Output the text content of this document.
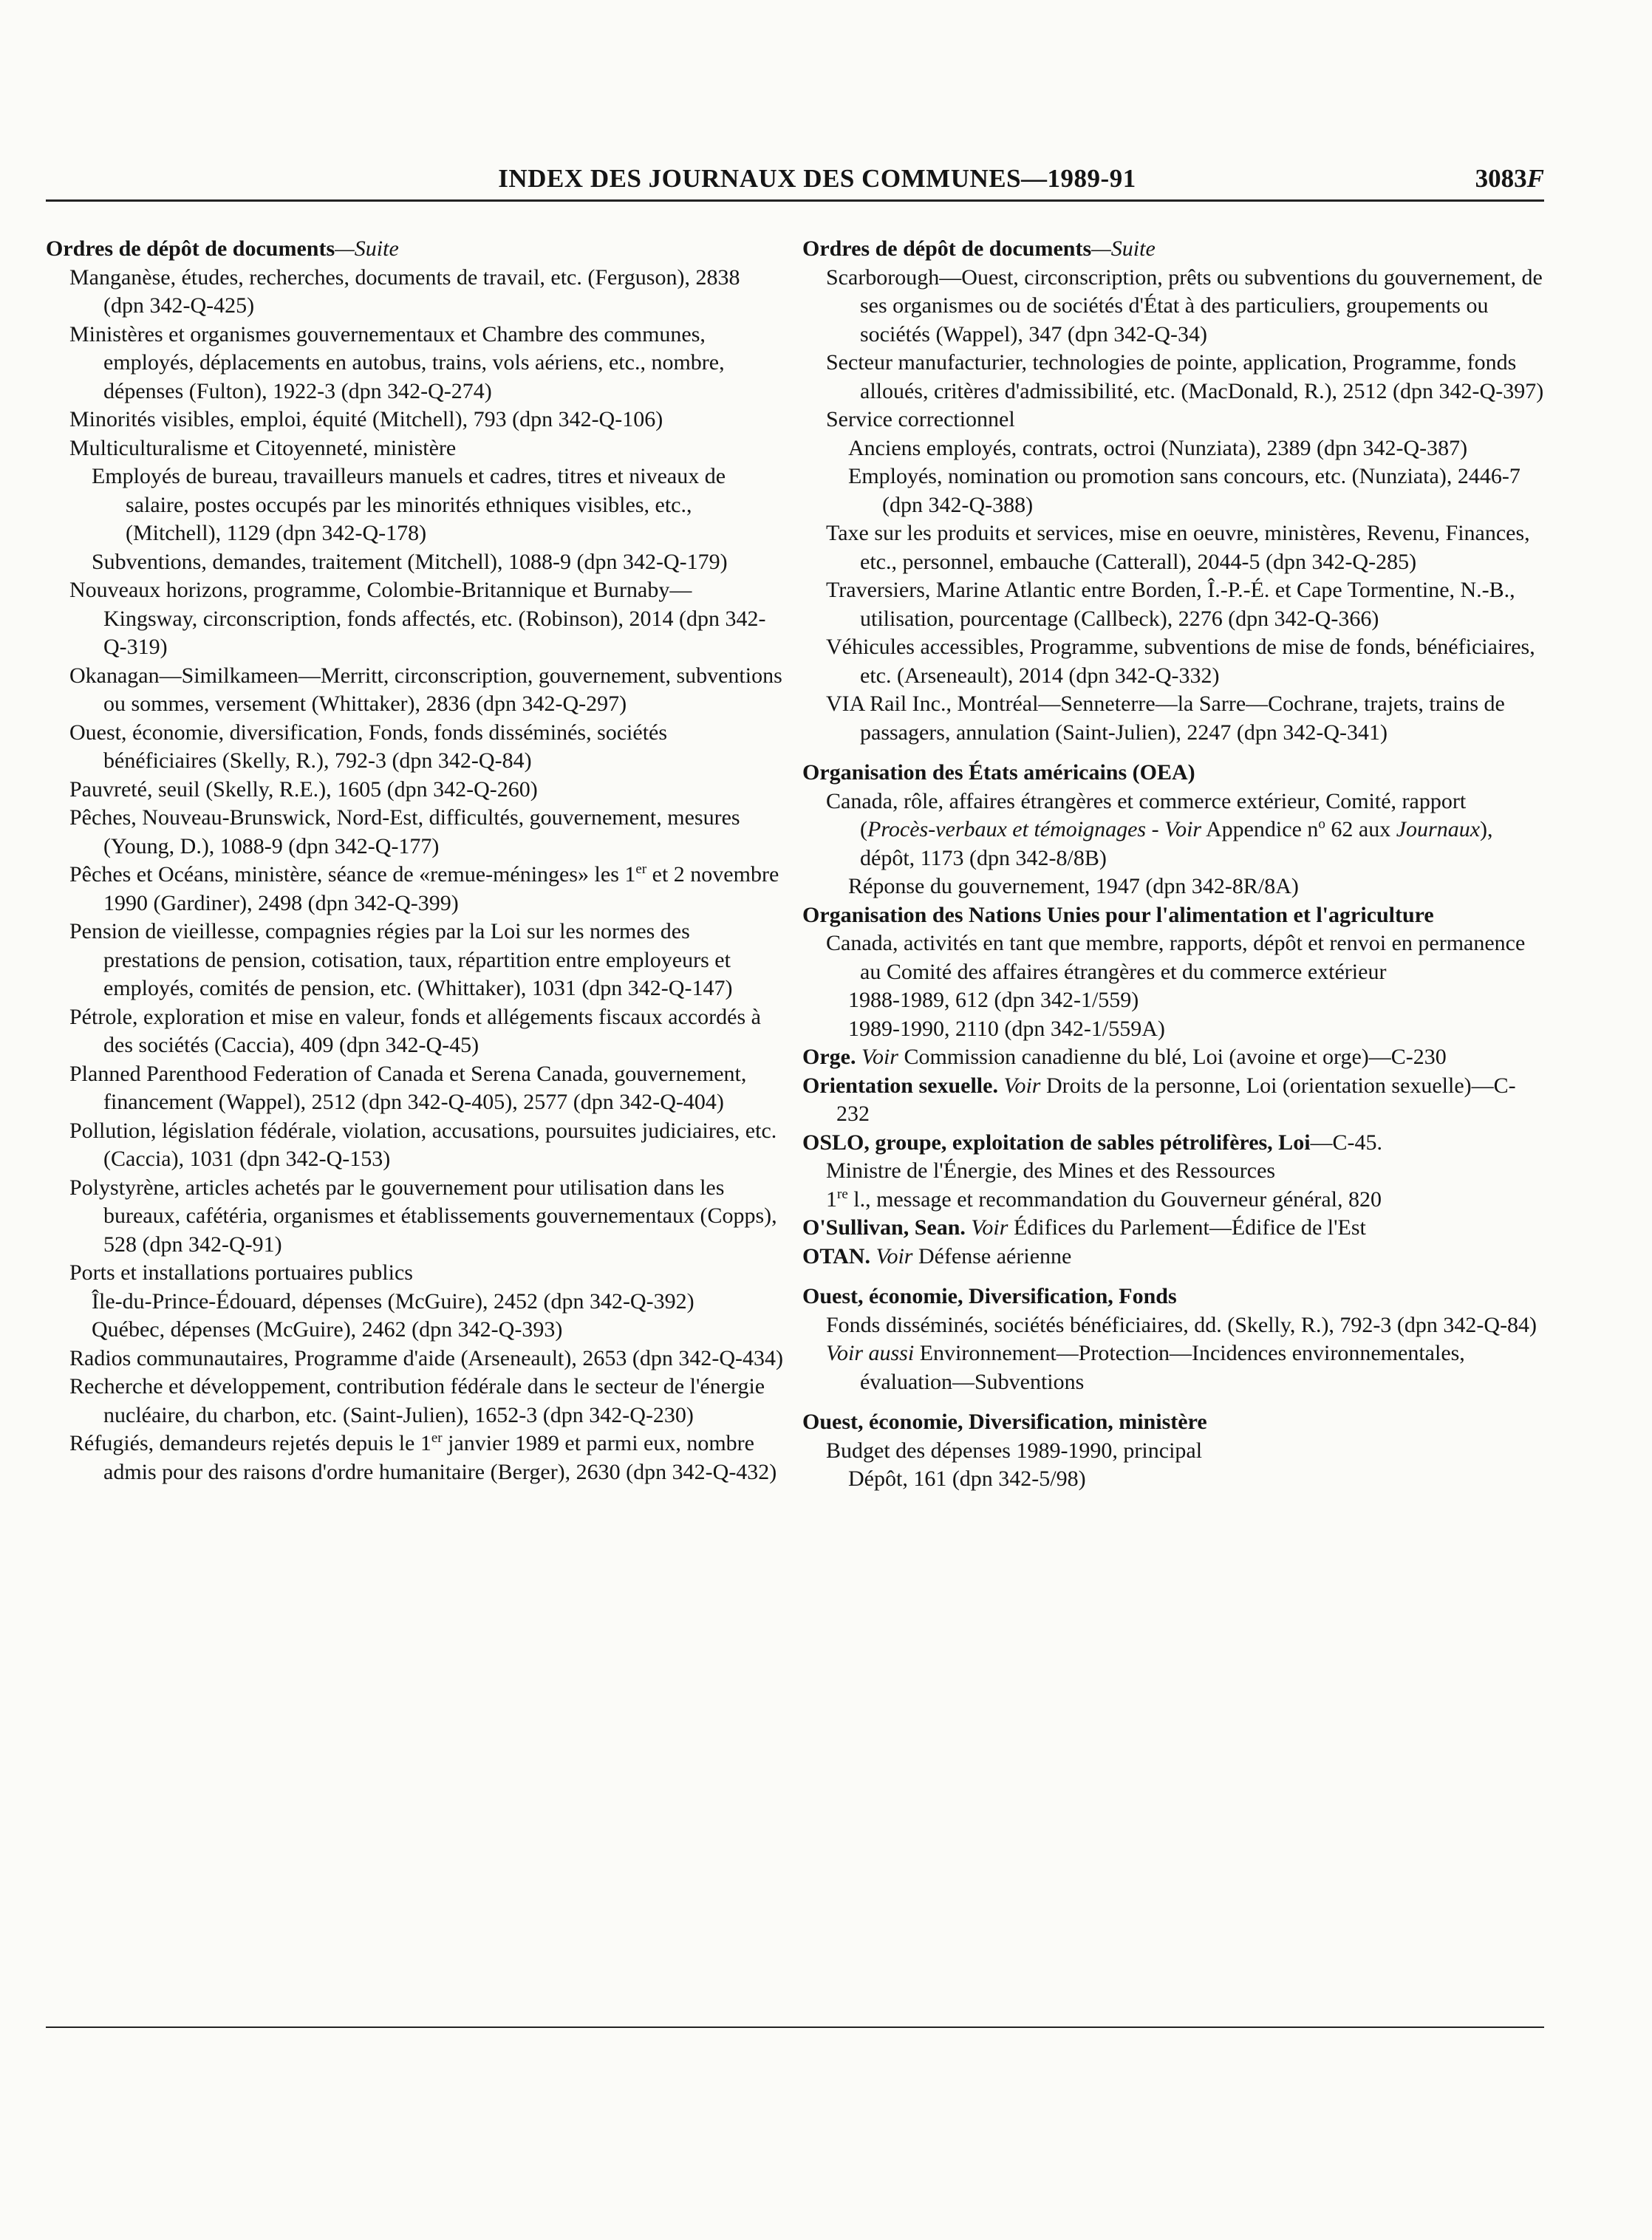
INDEX DES JOURNAUX DES COMMUNES—1989-91	3083F

Ordres de dépôt de documents—Suite

Manganèse, études, recherches, documents de travail, etc. (Ferguson), 2838 (dpn 342-Q-425)

Ministères et organismes gouvernementaux et Chambre des communes, employés, déplacements en autobus, trains, vols aériens, etc., nombre, dépenses (Fulton), 1922-3 (dpn 342-Q-274)

Minorités visibles, emploi, équité (Mitchell), 793 (dpn 342-Q-106)

Multiculturalisme et Citoyenneté, ministère

Employés de bureau, travailleurs manuels et cadres, titres et niveaux de salaire, postes occupés par les minorités ethniques visibles, etc., (Mitchell), 1129 (dpn 342-Q-178)

Subventions, demandes, traitement (Mitchell), 1088-9 (dpn 342-Q-179)

Nouveaux horizons, programme, Colombie-Britannique et Burnaby—Kingsway, circonscription, fonds affectés, etc. (Robinson), 2014 (dpn 342-Q-319)

Okanagan—Similkameen—Merritt, circonscription, gouvernement, subventions ou sommes, versement (Whittaker), 2836 (dpn 342-Q-297)

Ouest, économie, diversification, Fonds, fonds disséminés, sociétés bénéficiaires (Skelly, R.), 792-3 (dpn 342-Q-84)

Pauvreté, seuil (Skelly, R.E.), 1605 (dpn 342-Q-260)

Pêches, Nouveau-Brunswick, Nord-Est, difficultés, gouvernement, mesures (Young, D.), 1088-9 (dpn 342-Q-177)

Pêches et Océans, ministère, séance de «remue-méninges» les 1er et 2 novembre 1990 (Gardiner), 2498 (dpn 342-Q-399)

Pension de vieillesse, compagnies régies par la Loi sur les normes des prestations de pension, cotisation, taux, répartition entre employeurs et employés, comités de pension, etc. (Whittaker), 1031 (dpn 342-Q-147)

Pétrole, exploration et mise en valeur, fonds et allégements fiscaux accordés à des sociétés (Caccia), 409 (dpn 342-Q-45)

Planned Parenthood Federation of Canada et Serena Canada, gouvernement, financement (Wappel), 2512 (dpn 342-Q-405), 2577 (dpn 342-Q-404)

Pollution, législation fédérale, violation, accusations, poursuites judiciaires, etc. (Caccia), 1031 (dpn 342-Q-153)

Polystyrène, articles achetés par le gouvernement pour utilisation dans les bureaux, cafétéria, organismes et établissements gouvernementaux (Copps), 528 (dpn 342-Q-91)

Ports et installations portuaires publics

Île-du-Prince-Édouard, dépenses (McGuire), 2452 (dpn 342-Q-392)

Québec, dépenses (McGuire), 2462 (dpn 342-Q-393)

Radios communautaires, Programme d'aide (Arseneault), 2653 (dpn 342-Q-434)

Recherche et développement, contribution fédérale dans le secteur de l'énergie nucléaire, du charbon, etc. (Saint-Julien), 1652-3 (dpn 342-Q-230)

Réfugiés, demandeurs rejetés depuis le 1er janvier 1989 et parmi eux, nombre admis pour des raisons d'ordre humanitaire (Berger), 2630 (dpn 342-Q-432)

Ordres de dépôt de documents—Suite

Scarborough—Ouest, circonscription, prêts ou subventions du gouvernement, de ses organismes ou de sociétés d'État à des particuliers, groupements ou sociétés (Wappel), 347 (dpn 342-Q-34)

Secteur manufacturier, technologies de pointe, application, Programme, fonds alloués, critères d'admissibilité, etc. (MacDonald, R.), 2512 (dpn 342-Q-397)

Service correctionnel

Anciens employés, contrats, octroi (Nunziata), 2389 (dpn 342-Q-387)

Employés, nomination ou promotion sans concours, etc. (Nunziata), 2446-7 (dpn 342-Q-388)

Taxe sur les produits et services, mise en oeuvre, ministères, Revenu, Finances, etc., personnel, embauche (Catterall), 2044-5 (dpn 342-Q-285)

Traversiers, Marine Atlantic entre Borden, Î.-P.-É. et Cape Tormentine, N.-B., utilisation, pourcentage (Callbeck), 2276 (dpn 342-Q-366)

Véhicules accessibles, Programme, subventions de mise de fonds, bénéficiaires, etc. (Arseneault), 2014 (dpn 342-Q-332)

VIA Rail Inc., Montréal—Senneterre—la Sarre—Cochrane, trajets, trains de passagers, annulation (Saint-Julien), 2247 (dpn 342-Q-341)

Organisation des États américains (OEA)

Canada, rôle, affaires étrangères et commerce extérieur, Comité, rapport (Procès-verbaux et témoignages - Voir Appendice $n^o$ 62 aux Journaux), dépôt, 1173 (dpn 342-8/8B)

Réponse du gouvernement, 1947 (dpn 342-8R/8A)

Organisation des Nations Unies pour l'alimentation et l'agriculture

Canada, activités en tant que membre, rapports, dépôt et renvoi en permanence au Comité des affaires étrangères et du commerce extérieur

1988-1989, 612 (dpn 342-1/559)

1989-1990, 2110 (dpn 342-1/559A)

Orge. Voir Commission canadienne du blé, Loi (avoine et orge)—C-230

Orientation sexuelle. Voir Droits de la personne, Loi (orientation sexuelle)—C-232

OSLO, groupe, exploitation de sables pétrolifères, Loi—C-45.

Ministre de l'Énergie, des Mines et des Ressources

1re l., message et recommandation du Gouverneur général, 820

O'Sullivan, Sean. Voir Édifices du Parlement—Édifice de l'Est

OTAN. Voir Défense aérienne

Ouest, économie, Diversification, Fonds

Fonds disséminés, sociétés bénéficiaires, dd. (Skelly, R.), 792-3 (dpn 342-Q-84)

Voir aussi Environnement—Protection—Incidences environnementales, évaluation—Subventions

Ouest, économie, Diversification, ministère

Budget des dépenses 1989-1990, principal

Dépôt, 161 (dpn 342-5/98)
